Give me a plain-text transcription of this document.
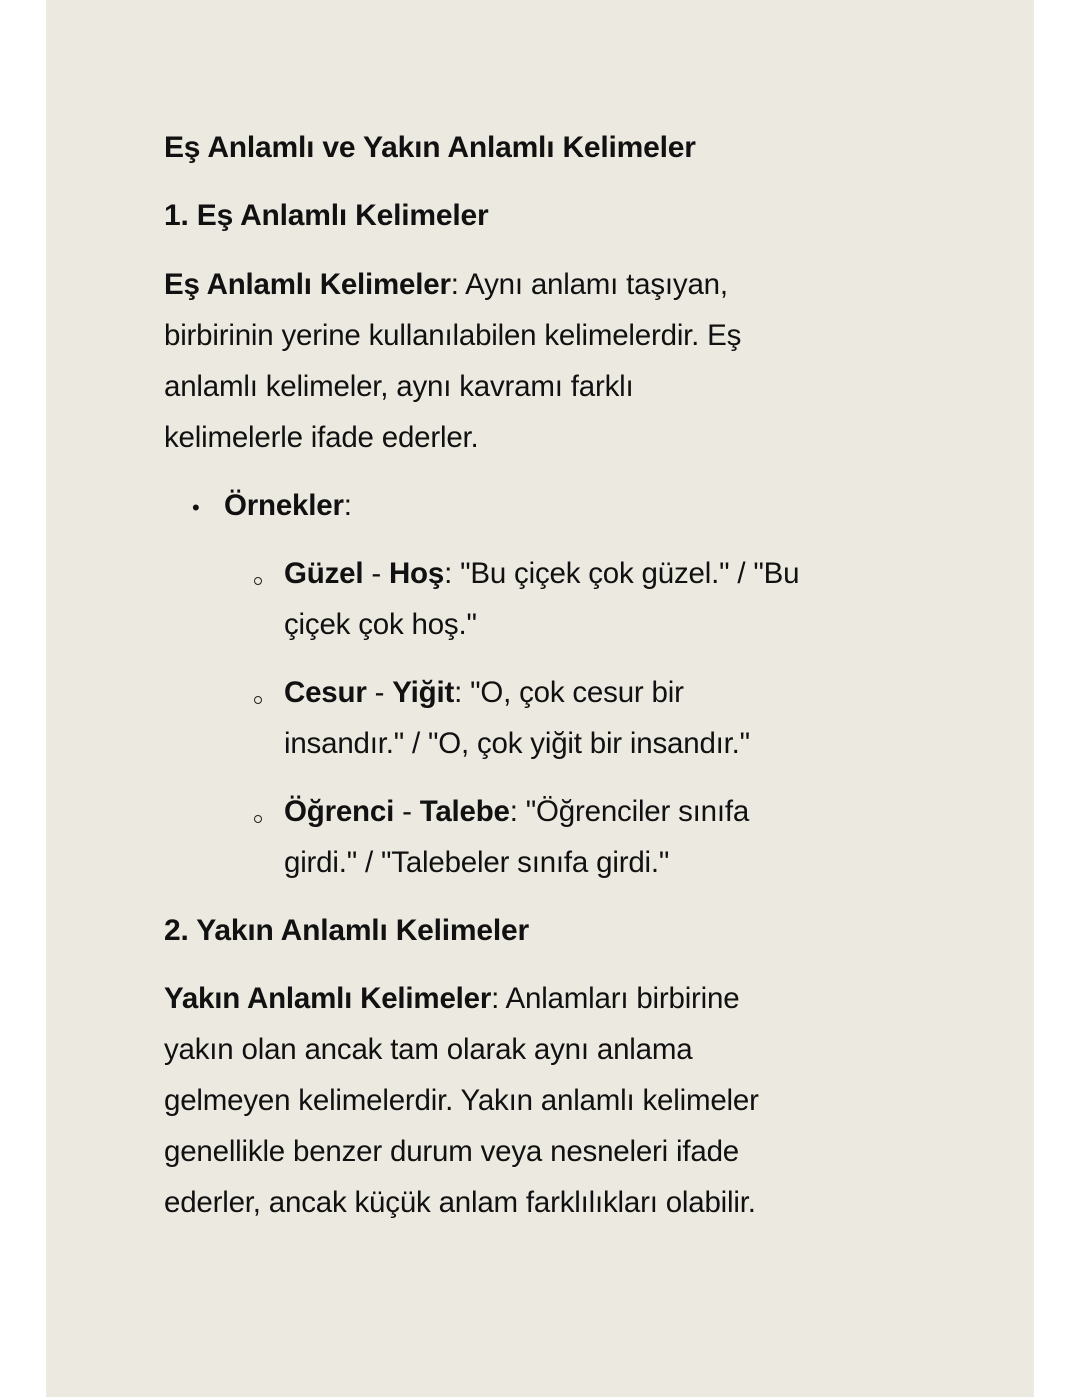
Eş Anlamlı ve Yakın Anlamlı Kelimeler
1. Eş Anlamlı Kelimeler
Eş Anlamlı Kelimeler: Aynı anlamı taşıyan,
birbirinin yerine kullanılabilen kelimelerdir. Eş
anlamlı kelimeler, aynı kavramı farklı
kelimelerle ifade ederler.
• Örnekler:
Güzel - Hoş: "Bu çiçek çok güzel." / "Bu
çiçek çok hoş."
Cesur - Yiğit: "O, çok cesur bir
insandır." / "O, çok yiğit bir insandır."
Öğrenci - Talebe: "Öğrenciler sınıfa
girdi." / "Talebeler sınıfa girdi."
2. Yakın Anlamlı Kelimeler
Yakın Anlamlı Kelimeler: Anlamları birbirine
yakın olan ancak tam olarak aynı anlama
gelmeyen kelimelerdir. Yakın anlamlı kelimeler
genellikle benzer durum veya nesneleri ifade
ederler, ancak küçük anlam farklılıkları olabilir.
